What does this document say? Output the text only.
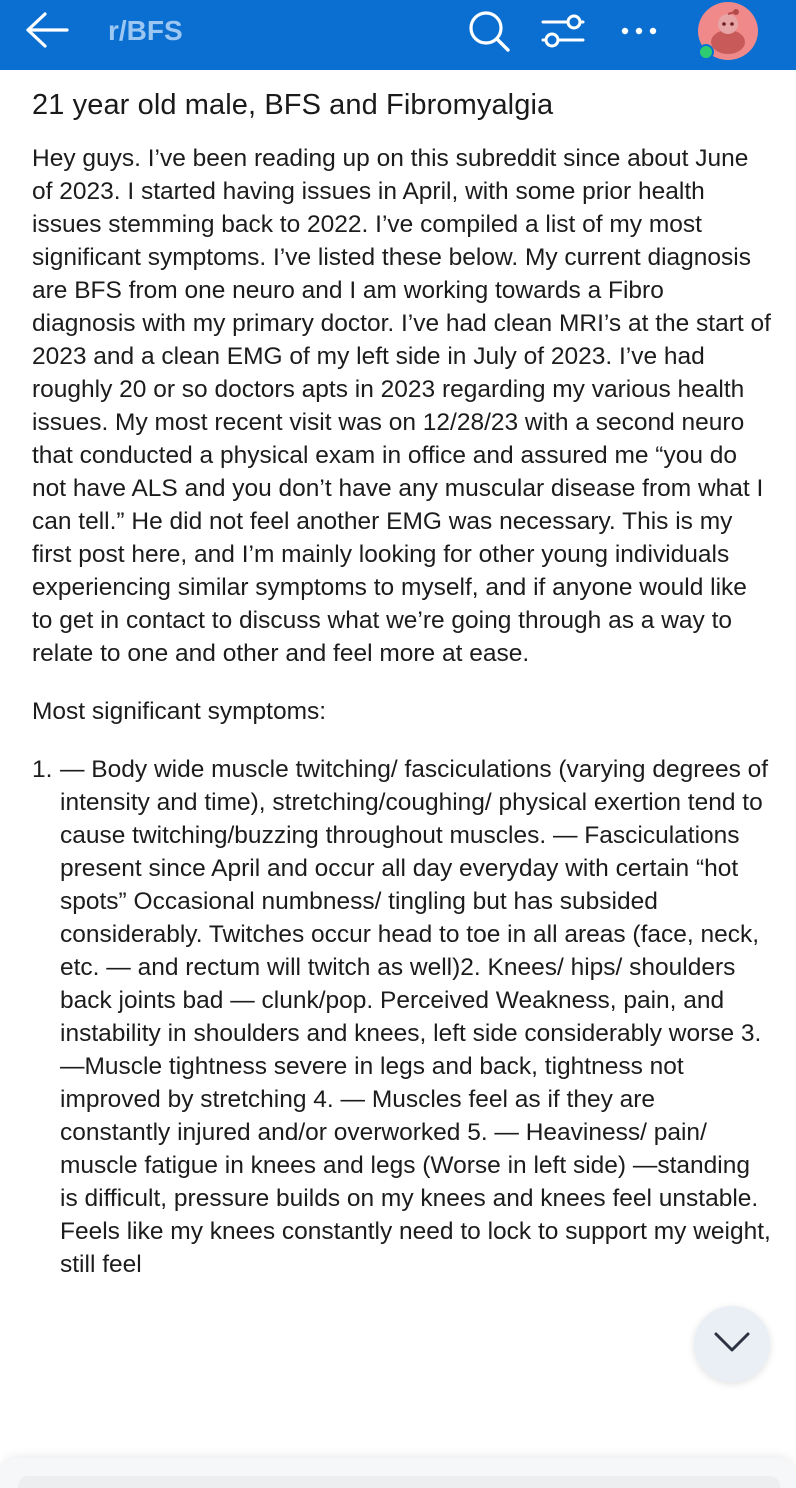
r/BFS
21 year old male, BFS and Fibromyalgia

Hey guys. I’ve been reading up on this subreddit since about June of 2023. I started having issues in April, with some prior health issues stemming back to 2022. I’ve compiled a list of my most significant symptoms. I’ve listed these below. My current diagnosis are BFS from one neuro and I am working towards a Fibro diagnosis with my primary doctor. I’ve had clean MRI’s at the start of 2023 and a clean EMG of my left side in July of 2023. I’ve had roughly 20 or so doctors apts in 2023 regarding my various health issues. My most recent visit was on 12/28/23 with a second neuro that conducted a physical exam in office and assured me “you do not have ALS and you don’t have any muscular disease from what I can tell.” He did not feel another EMG was necessary. This is my first post here, and I’m mainly looking for other young individuals experiencing similar symptoms to myself, and if anyone would like to get in contact to discuss what we’re going through as a way to relate to one and other and feel more at ease.

Most significant symptoms:

1. — Body wide muscle twitching/ fasciculations (varying degrees of intensity and time), stretching/coughing/ physical exertion tend to cause twitching/buzzing throughout muscles. — Fasciculations present since April and occur all day everyday with certain “hot spots” Occasional numbness/ tingling but has subsided considerably. Twitches occur head to toe in all areas (face, neck, etc. — and rectum will twitch as well)2. Knees/ hips/ shoulders back joints bad — clunk/pop. Perceived Weakness, pain, and instability in shoulders and knees, left side considerably worse 3. —Muscle tightness severe in legs and back, tightness not improved by stretching 4. — Muscles feel as if they are constantly injured and/or overworked 5. — Heaviness/ pain/ muscle fatigue in knees and legs (Worse in left side) —standing is difficult, pressure builds on my knees and knees feel unstable. Feels like my knees constantly need to lock to support my weight, still feel
